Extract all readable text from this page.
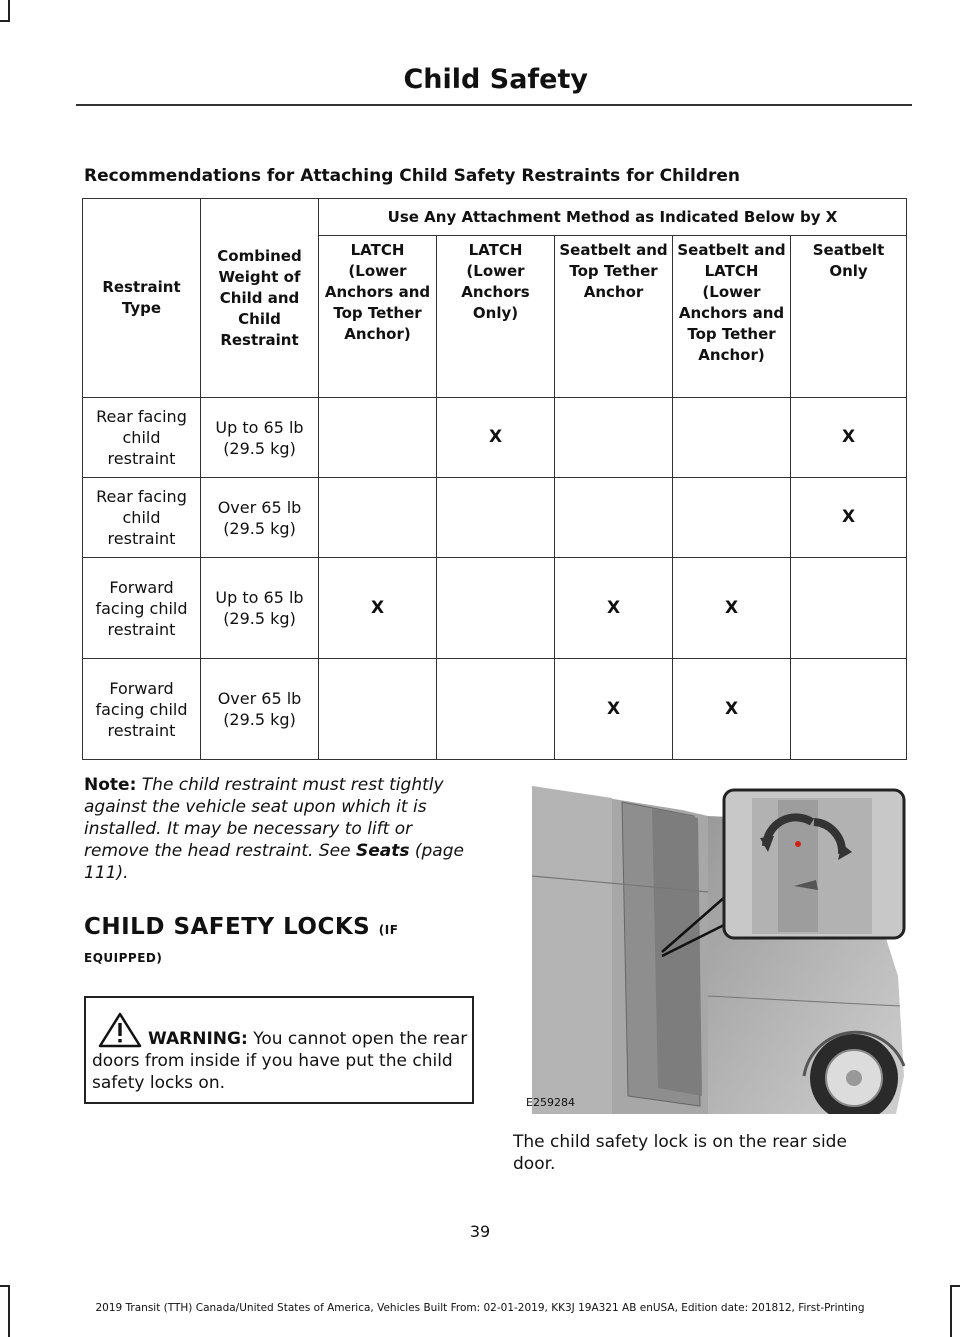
Child Safety
Recommendations for Attaching Child Safety Restraints for Children
Restraint Type	Combined Weight of Child and Child Restraint	Use Any Attachment Method as Indicated Below by X				
		LATCH (Lower Anchors and Top Tether Anchor)	LATCH (Lower Anchors Only)	Seatbelt and Top Tether Anchor	Seatbelt and LATCH (Lower Anchors and Top Tether Anchor)	Seatbelt Only
Rear facing child restraint	Up to 65 lb (29.5 kg)		X			X
Rear facing child restraint	Over 65 lb (29.5 kg)					X
Forward facing child restraint	Up to 65 lb (29.5 kg)	X		X	X	
Forward facing child restraint	Over 65 lb (29.5 kg)			X	X	
Note: The child restraint must rest tightly against the vehicle seat upon which it is installed. It may be necessary to lift or remove the head restraint. See Seats (page 111).
CHILD SAFETY LOCKS (IF
EQUIPPED)
WARNING: You cannot open the rear doors from inside if you have put the child safety locks on.
E259284
The child safety lock is on the rear side door.
39
2019 Transit (TTH) Canada/United States of America, Vehicles Built From: 02-01-2019, KK3J 19A321 AB enUSA, Edition date: 201812, First-Printing
